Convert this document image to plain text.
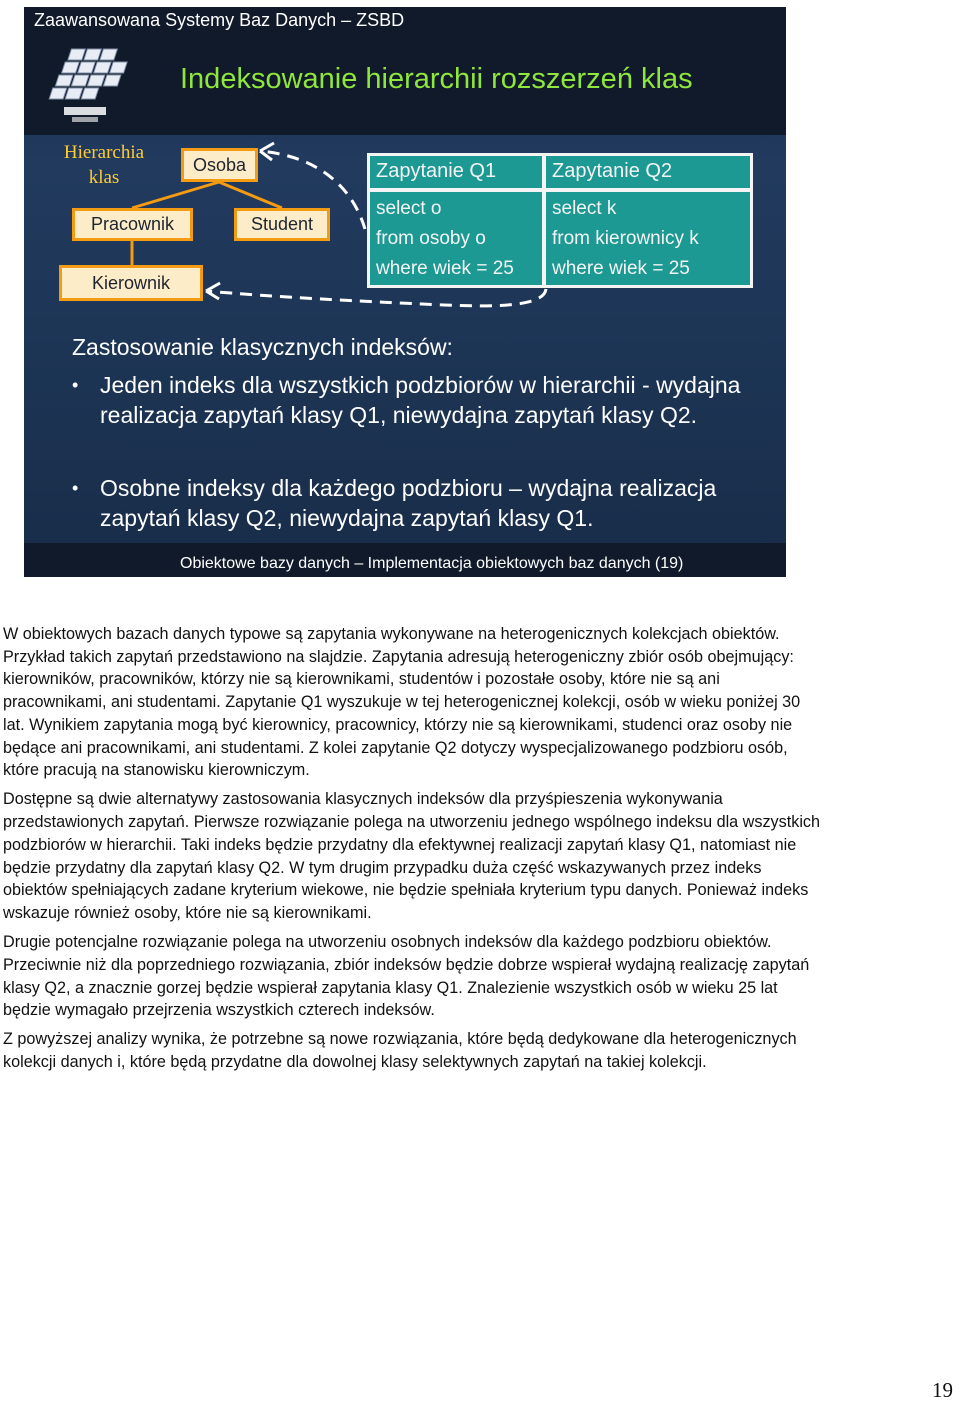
Zaawansowana Systemy Baz Danych – ZSBD
Indeksowanie hierarchii rozszerzeń klas
Hierarchia
klas
Osoba
Pracownik	Student
Kierownik
Zapytanie Q1	Zapytanie Q2
select o
from osoby o
where wiek = 25
select k
from kierownicy k
where wiek = 25
Zastosowanie klasycznych indeksów:
• Jeden indeks dla wszystkich podzbiorów w hierarchii - wydajna realizacja zapytań klasy Q1, niewydajna zapytań klasy Q2.
• Osobne indeksy dla każdego podzbioru – wydajna realizacja zapytań klasy Q2, niewydajna zapytań klasy Q1.
Obiektowe bazy danych – Implementacja obiektowych baz danych (19)

W obiektowych bazach danych typowe są zapytania wykonywane na heterogenicznych kolekcjach obiektów. Przykład takich zapytań przedstawiono na slajdzie. Zapytania adresują heterogeniczny zbiór osób obejmujący: kierowników, pracowników, którzy nie są kierownikami, studentów i pozostałe osoby, które nie są ani pracownikami, ani studentami. Zapytanie Q1 wyszukuje w tej heterogenicznej kolekcji, osób w wieku poniżej 30 lat. Wynikiem zapytania mogą być kierownicy, pracownicy, którzy nie są kierownikami, studenci oraz osoby nie będące ani pracownikami, ani studentami. Z kolei zapytanie Q2 dotyczy wyspecjalizowanego podzbioru osób, które pracują na stanowisku kierowniczym.

Dostępne są dwie alternatywy zastosowania klasycznych indeksów dla przyśpieszenia wykonywania przedstawionych zapytań. Pierwsze rozwiązanie polega na utworzeniu jednego wspólnego indeksu dla wszystkich podzbiorów w hierarchii. Taki indeks będzie przydatny dla efektywnej realizacji zapytań klasy Q1, natomiast nie będzie przydatny dla zapytań klasy Q2. W tym drugim przypadku duża część wskazywanych przez indeks obiektów spełniających zadane kryterium wiekowe, nie będzie spełniała kryterium typu danych. Ponieważ indeks wskazuje również osoby, które nie są kierownikami.

Drugie potencjalne rozwiązanie polega na utworzeniu osobnych indeksów dla każdego podzbioru obiektów. Przeciwnie niż dla poprzedniego rozwiązania, zbiór indeksów będzie dobrze wspierał wydajną realizację zapytań klasy Q2, a znacznie gorzej będzie wspierał zapytania klasy Q1. Znalezienie wszystkich osób w wieku 25 lat będzie wymagało przejrzenia wszystkich czterech indeksów.

Z powyższej analizy wynika, że potrzebne są nowe rozwiązania, które będą dedykowane dla heterogenicznych kolekcji danych i, które będą przydatne dla dowolnej klasy selektywnych zapytań na takiej kolekcji.

19
